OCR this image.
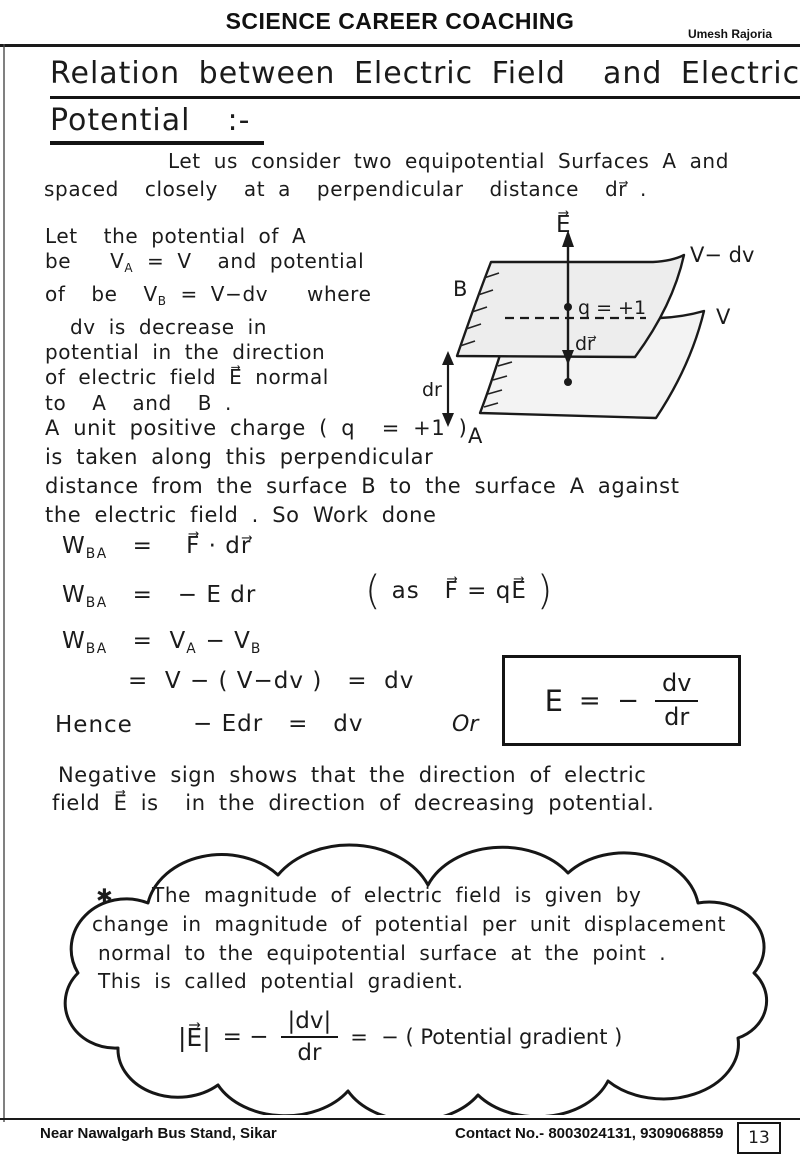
SCIENCE CAREER COACHING	Umesh Rajoria
Relation between Electric Field  and Electric
Potential  :-
Let us consider two equipotential Surfaces A and
spaced  closely  at a  perpendicular  distance  dr⃗ .
Let  the potential of A
be   $V_A = V$  and potential
of  be  $V_B = V-dv$   where
dv is decrease in
potential in the direction
of electric field E⃗ normal
to  A  and  B .
E⃗
B
q = +1
dr⃗
A
V− dv
V
dr
A unit positive charge ( q  = +1 )
is taken along this perpendicular
distance from the surface B to the surface A against
the electric field . So Work done
$W_{BA}$   =    F⃗ · dr⃗
$W_{BA}$   =   − E dr	( as   F⃗ = qE⃗ )
$W_{BA} = V_A - V_B$
=  V − ( V−dv )   =  dv
Hence	− Edr   =   dv	Or
E =  − $\frac{dv}{dr}$
Negative sign shows that the direction of electric
field E⃗ is  in the direction of decreasing potential.
✱ The magnitude of electric field is given by
change in magnitude of potential per unit displacement
normal to the equipotential surface at the point .
This is called potential gradient.
|E⃗| = − $\frac{|dv|}{dr}$ =  − ( Potential gradient )
Near Nawalgarh Bus Stand, Sikar	Contact No.- 8003024131, 9309068859	13
